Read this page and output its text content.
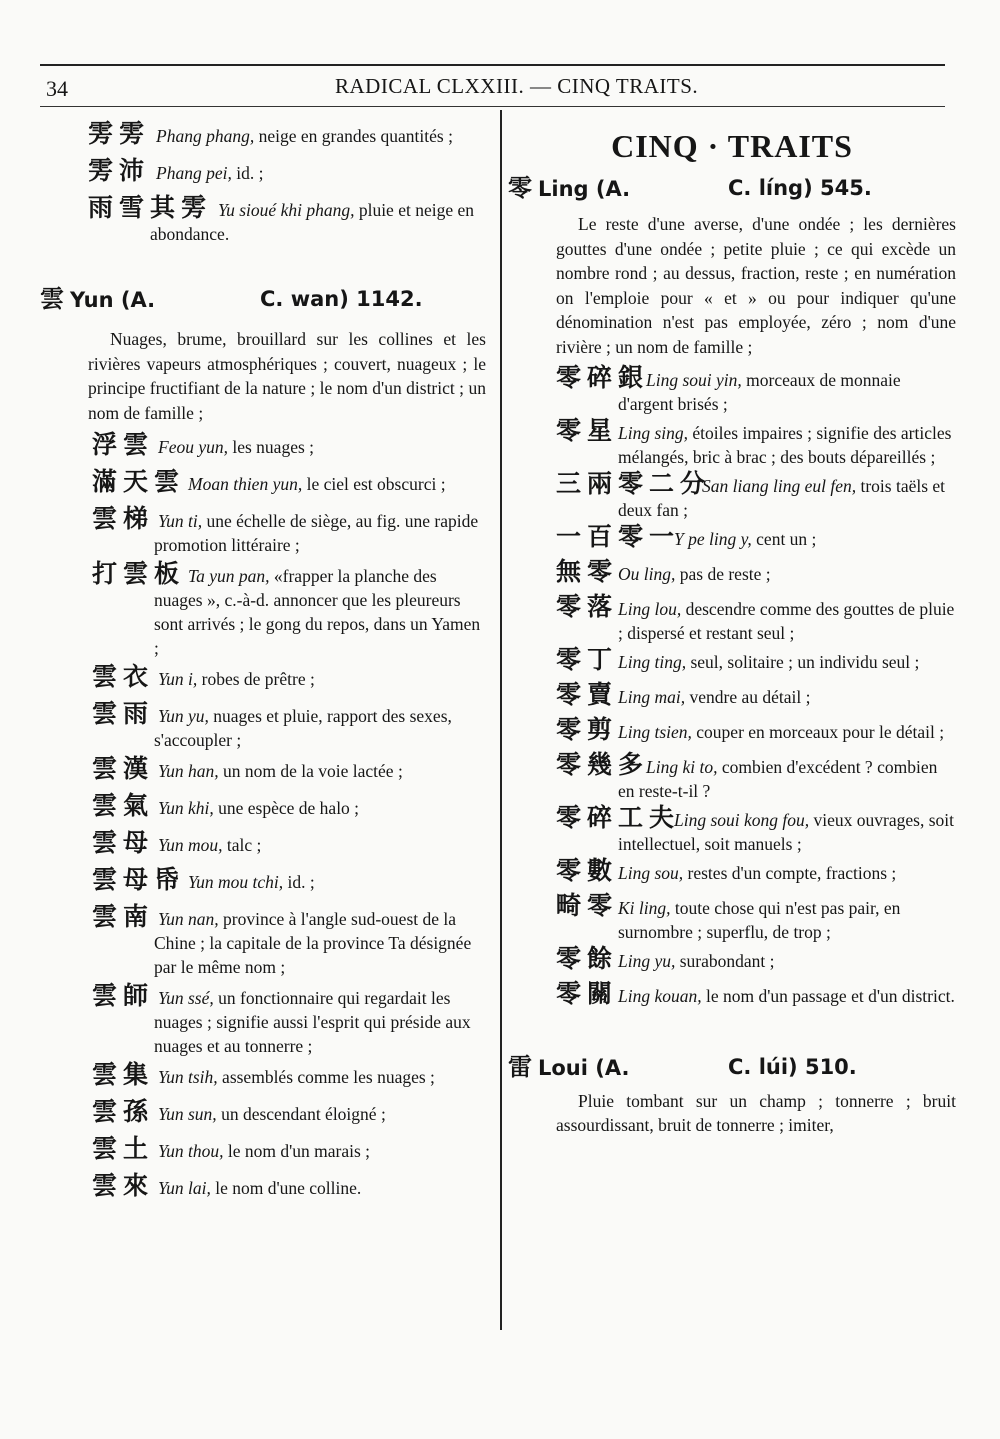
34	RADICAL CLXXIII. — CINQ TRAITS.
雱雱 Phang phang, neige en grandes quantités ;
雱沛 Phang pei, id. ;
雨雪其雱 Yu sioué khi phang, pluie et neige en abondance.
雲 Yun (A.	C. wan) 1142.
Nuages, brume, brouillard sur les collines et les rivières vapeurs atmosphériques ; couvert, nuageux ; le principe fructifiant de la nature ; le nom d'un district ; un nom de famille ;
浮雲 Feou yun, les nuages ;
滿天雲 Moan thien yun, le ciel est obscurci ;
雲梯 Yun ti, une échelle de siège, au fig. une rapide promotion littéraire ;
打雲板 Ta yun pan, «frapper la planche des nuages », c.-à-d. annoncer que les pleureurs sont arrivés ; le gong du repos, dans un Yamen ;
雲衣 Yun i, robes de prêtre ;
雲雨 Yun yu, nuages et pluie, rapport des sexes, s'accoupler ;
雲漢 Yun han, un nom de la voie lactée ;
雲氣 Yun khi, une espèce de halo ;
雲母 Yun mou, talc ;
雲母帋 Yun mou tchi, id. ;
雲南 Yun nan, province à l'angle sud-ouest de la Chine ; la capitale de la province Ta désignée par le même nom ;
雲師 Yun ssé, un fonctionnaire qui regardait les nuages ; signifie aussi l'esprit qui préside aux nuages et au tonnerre ;
雲集 Yun tsih, assemblés comme les nuages ;
雲孫 Yun sun, un descendant éloigné ;
雲土 Yun thou, le nom d'un marais ;
雲來 Yun lai, le nom d'une colline.
CINQ · TRAITS
零 Ling (A.	C. líng) 545.
Le reste d'une averse, d'une ondée ; les dernières gouttes d'une ondée ; petite pluie ; ce qui excède un nombre rond ; au dessus, fraction, reste ; en numération on l'emploie pour « et » ou pour indiquer qu'une dénomination n'est pas employée, zéro ; nom d'une rivière ; un nom de famille ;
零碎銀
Ling soui yin, morceaux de monnaie d'argent brisés ;
零星 Ling sing, étoiles impaires ; signifie des articles mélangés, bric à brac ; des bouts dépareillés ;
三兩零二分
San liang ling eul fen, trois taëls et deux fan ;
一百零一
Y pe ling y, cent un ;
無零 Ou ling, pas de reste ;
零落 Ling lou, descendre comme des gouttes de pluie ; dispersé et restant seul ;
零丁 Ling ting, seul, solitaire ; un individu seul ;
零賣 Ling mai, vendre au détail ;
零剪 Ling tsien, couper en morceaux pour le détail ;
零幾多
Ling ki to, combien d'excédent ? combien en reste-t-il ?
零碎工夫
Ling soui kong fou, vieux ouvrages, soit intellectuel, soit manuels ;
零數 Ling sou, restes d'un compte, fractions ;
畸零 Ki ling, toute chose qui n'est pas pair, en surnombre ; superflu, de trop ;
零餘 Ling yu, surabondant ;
零關 Ling kouan, le nom d'un passage et d'un district.
雷 Loui (A.	C. lúi) 510.
Pluie tombant sur un champ ; tonnerre ; bruit assourdissant, bruit de tonnerre ; imiter,
